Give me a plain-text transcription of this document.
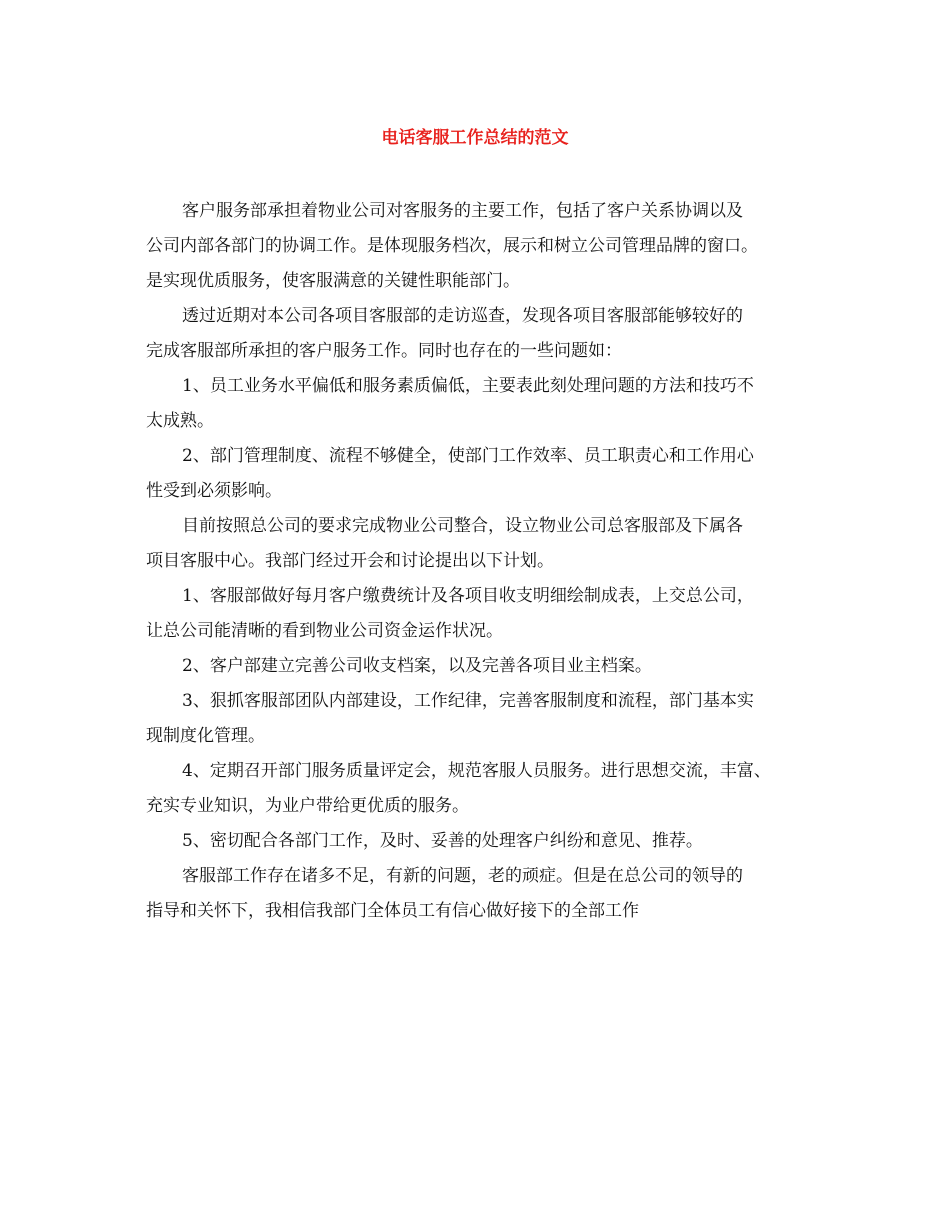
电话客服工作总结的范文

客户服务部承担着物业公司对客服务的主要工作，包括了客户关系协调以及

公司内部各部门的协调工作。是体现服务档次，展示和树立公司管理品牌的窗口。

是实现优质服务，使客服满意的关键性职能部门。

透过近期对本公司各项目客服部的走访巡查，发现各项目客服部能够较好的

完成客服部所承担的客户服务工作。同时也存在的一些问题如：

1、员工业务水平偏低和服务素质偏低，主要表此刻处理问题的方法和技巧不

太成熟。

2、部门管理制度、流程不够健全，使部门工作效率、员工职责心和工作用心

性受到必须影响。

目前按照总公司的要求完成物业公司整合，设立物业公司总客服部及下属各

项目客服中心。我部门经过开会和讨论提出以下计划。

1、客服部做好每月客户缴费统计及各项目收支明细绘制成表，上交总公司，

让总公司能清晰的看到物业公司资金运作状况。

2、客户部建立完善公司收支档案，以及完善各项目业主档案。

3、狠抓客服部团队内部建设，工作纪律，完善客服制度和流程，部门基本实

现制度化管理。

4、定期召开部门服务质量评定会，规范客服人员服务。进行思想交流，丰富、

充实专业知识，为业户带给更优质的服务。

5、密切配合各部门工作，及时、妥善的处理客户纠纷和意见、推荐。

客服部工作存在诸多不足，有新的问题，老的顽症。但是在总公司的领导的

指导和关怀下，我相信我部门全体员工有信心做好接下的全部工作
